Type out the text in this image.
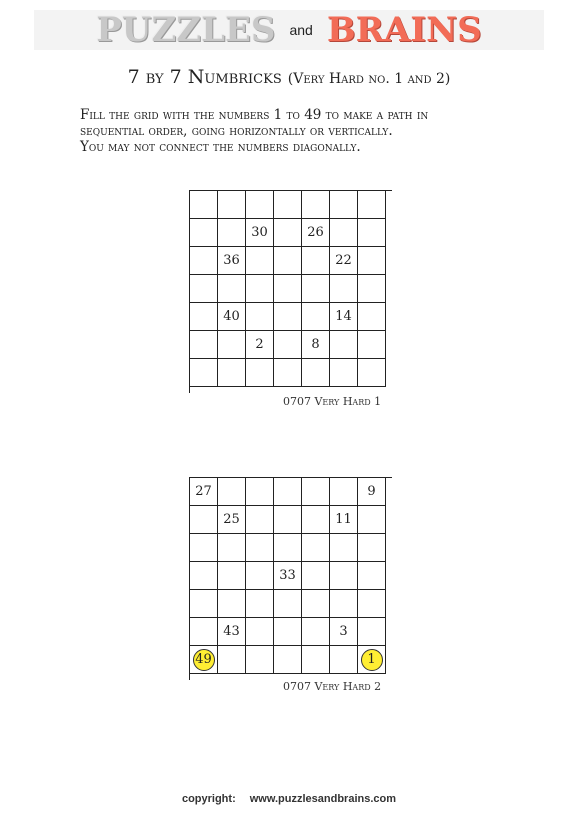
PUZZLES and BRAINS
7 by 7 Numbricks (Very Hard no. 1 and 2)
Fill the grid with the numbers 1 to 49 to make a path in
sequential order, going horizontally or vertically.
You may not connect the numbers diagonally.
30	26
36	22
40	14
2	8
0707 Very Hard 1
27	9
25	11
33
43	3
49	1
0707 Very Hard 2
copyright: www.puzzlesandbrains.com
